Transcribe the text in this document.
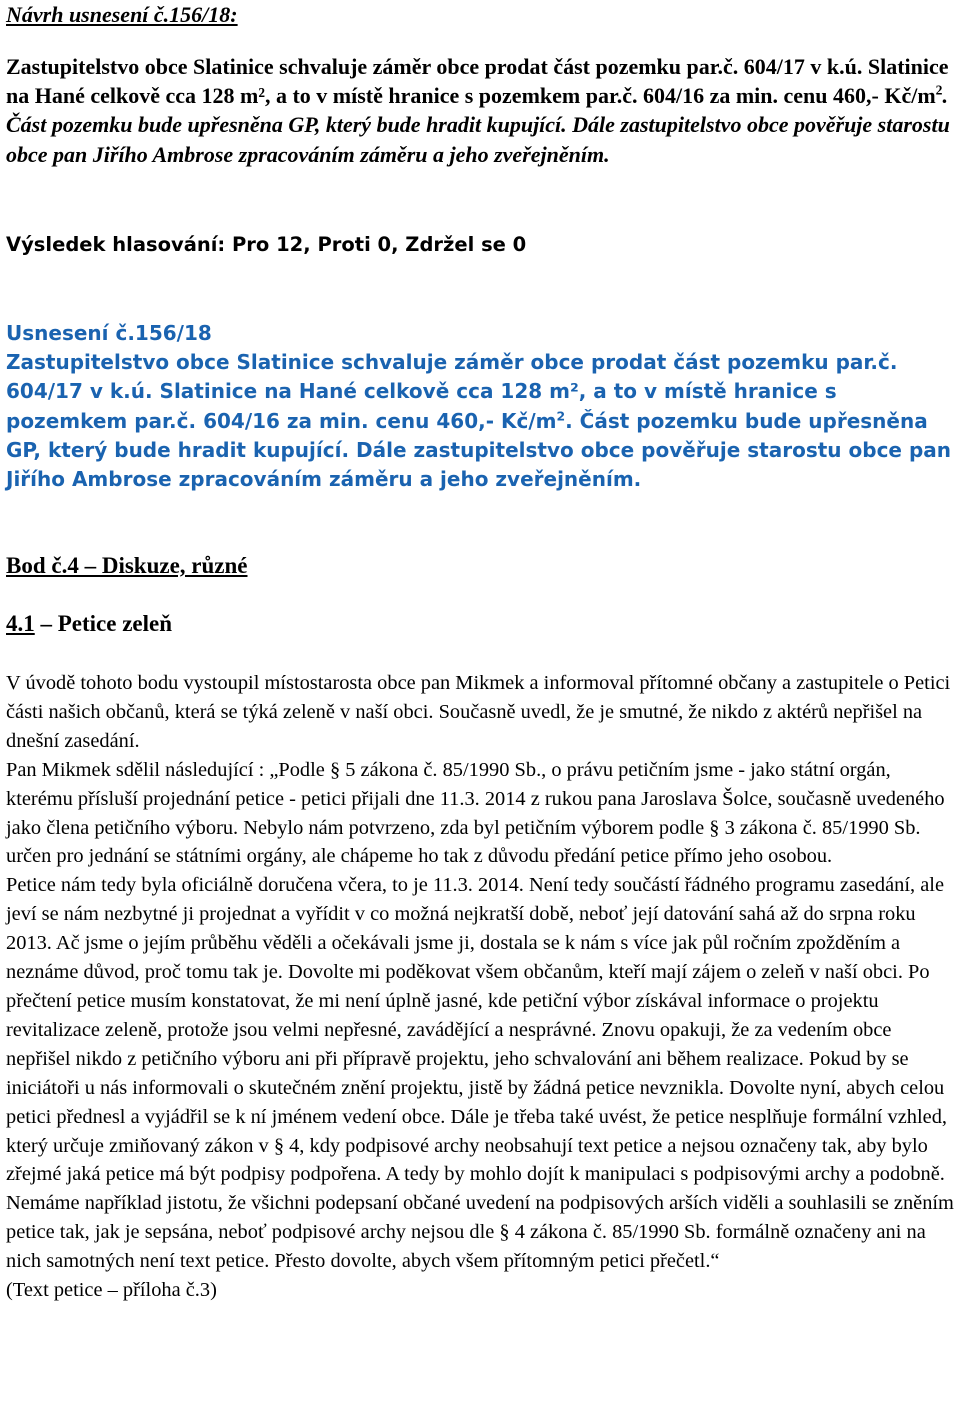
Návrh usnesení č.156/18:
Zastupitelstvo obce Slatinice schvaluje záměr obce prodat část pozemku par.č. 604/17 v k.ú. Slatinice na Hané celkově cca 128 m², a to v místě hranice s pozemkem par.č. 604/16 za min. cenu 460,- $Kč/m^2$. Část pozemku bude upřesněna GP, který bude hradit kupující. Dále zastupitelstvo obce pověřuje starostu obce pan Jiřího Ambrose zpracováním záměru a jeho zveřejněním.
Výsledek hlasování: Pro 12, Proti 0, Zdržel se 0
Usnesení č.156/18
Zastupitelstvo obce Slatinice schvaluje záměr obce prodat část pozemku par.č. 604/17 v k.ú. Slatinice na Hané celkově cca 128 m², a to v místě hranice s pozemkem par.č. 604/16 za min. cenu 460,- $Kč/m^2$. Část pozemku bude upřesněna GP, který bude hradit kupující. Dále zastupitelstvo obce pověřuje starostu obce pan Jiřího Ambrose zpracováním záměru a jeho zveřejněním.
Bod č.4 – Diskuze, různé
4.1 – Petice zeleň

V úvodě tohoto bodu vystoupil místostarosta obce pan Mikmek a informoval přítomné občany a zastupitele o Petici části našich občanů, která se týká zeleně v naší obci. Současně uvedl, že je smutné, že nikdo z aktérů nepřišel na dnešní zasedání.

Pan Mikmek sdělil následující : „Podle § 5 zákona č. 85/1990 Sb., o právu petičním jsme - jako státní orgán, kterému přísluší projednání petice - petici přijali dne 11.3. 2014 z rukou pana Jaroslava Šolce, současně uvedeného jako člena petičního výboru. Nebylo nám potvrzeno, zda byl petičním výborem podle § 3 zákona č. 85/1990 Sb. určen pro jednání se státními orgány, ale chápeme ho tak z důvodu předání petice přímo jeho osobou.

Petice nám tedy byla oficiálně doručena včera, to je 11.3. 2014. Není tedy součástí řádného programu zasedání, ale jeví se nám nezbytné ji projednat a vyřídit v co možná nejkratší době, neboť její datování sahá až do srpna roku 2013. Ač jsme o jejím průběhu věděli a očekávali jsme ji, dostala se k nám s více jak půl ročním zpožděním a neznáme důvod, proč tomu tak je. Dovolte mi poděkovat všem občanům, kteří mají zájem o zeleň v naší obci. Po přečtení petice musím konstatovat, že mi není úplně jasné, kde petiční výbor získával informace o projektu revitalizace zeleně, protože jsou velmi nepřesné, zavádějící a nesprávné. Znovu opakuji, že za vedením obce nepřišel nikdo z petičního výboru ani při přípravě projektu, jeho schvalování ani během realizace. Pokud by se iniciátoři u nás informovali o skutečném znění projektu, jistě by žádná petice nevznikla. Dovolte nyní, abych celou petici přednesl a vyjádřil se k ní jménem vedení obce. Dále je třeba také uvést, že petice nesplňuje formální vzhled, který určuje zmiňovaný zákon v § 4, kdy podpisové archy neobsahují text petice a nejsou označeny tak, aby bylo zřejmé jaká petice má být podpisy podpořena. A tedy by mohlo dojít k manipulaci s podpisovými archy a podobně. Nemáme například jistotu, že všichni podepsaní občané uvedení na podpisových arších viděli a souhlasili se zněním petice tak, jak je sepsána, neboť podpisové archy nejsou dle § 4 zákona č. 85/1990 Sb. formálně označeny ani na nich samotných není text petice. Přesto dovolte, abych všem přítomným petici přečetl.“

(Text petice – příloha č.3)
